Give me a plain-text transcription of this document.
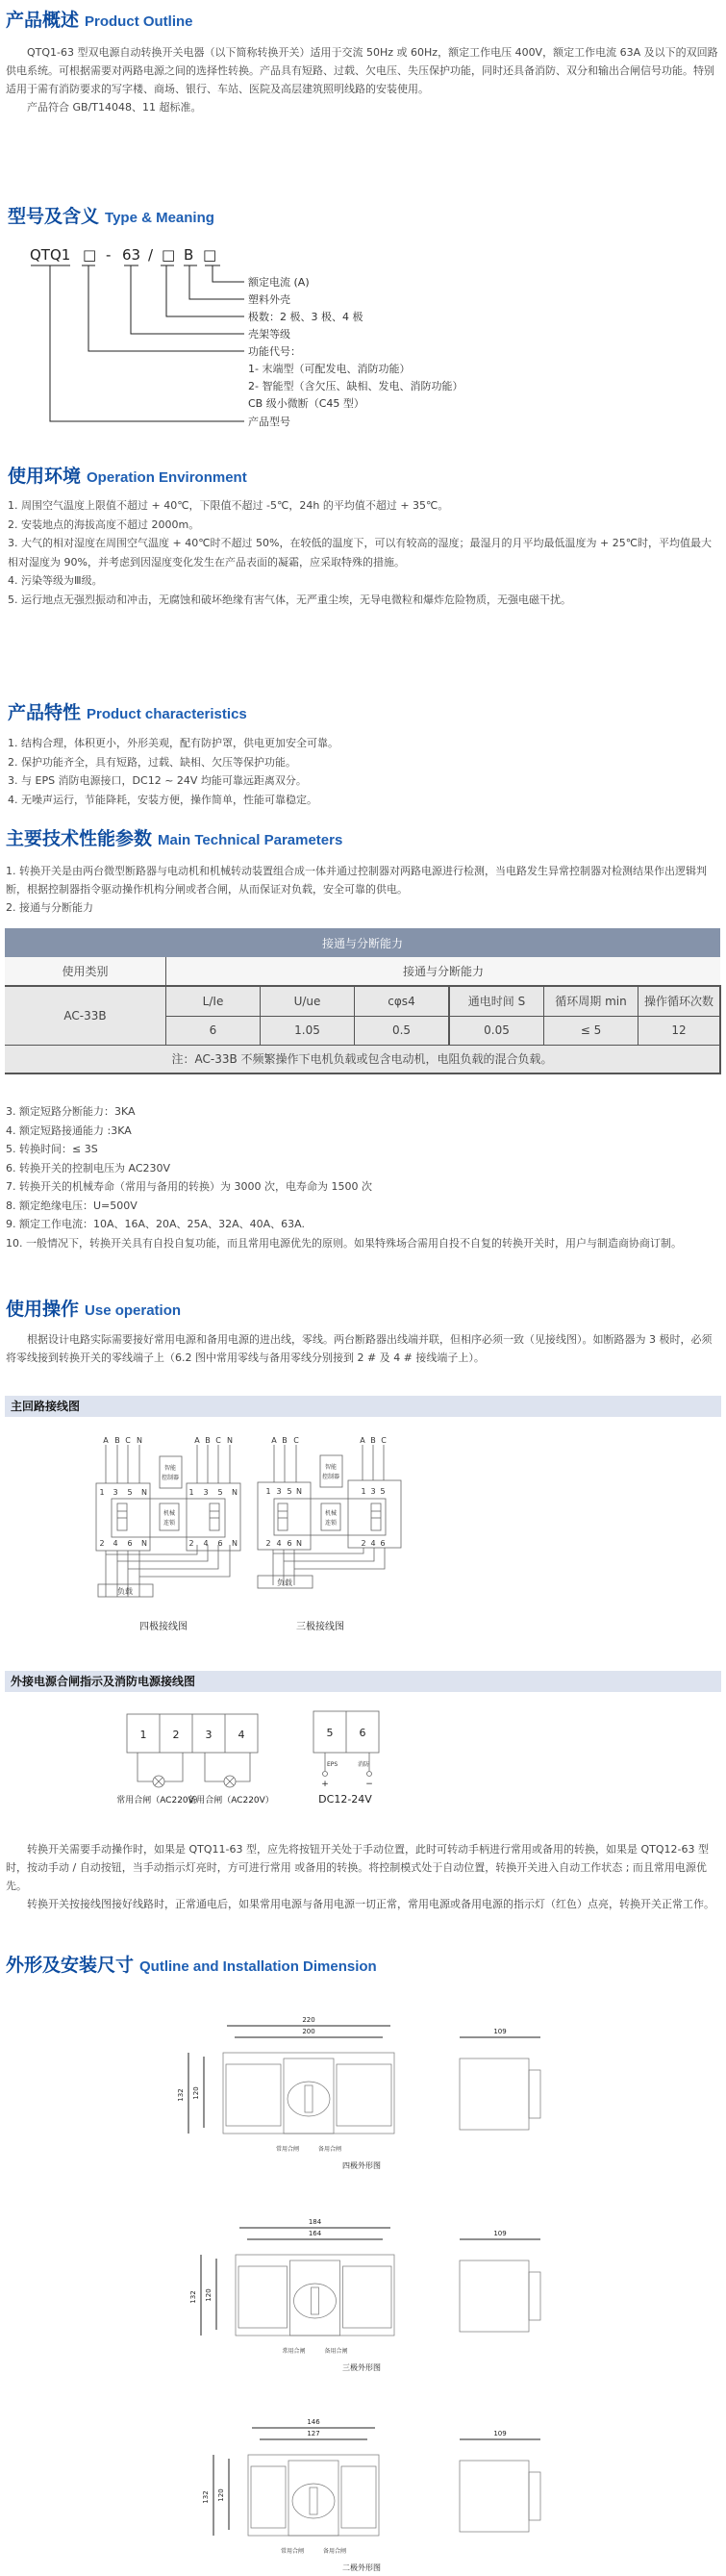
产品概述 Product Outline

QTQ1-63 型双电源自动转换开关电器（以下简称转换开关）适用于交流 50Hz 或 60Hz，额定工作电压 400V，额定工作电流 63A 及以下的双回路供电系统。可根据需要对两路电源之间的选择性转换。产品具有短路、过载、欠电压、失压保护功能，同时还具备消防、双分和输出合闸信号功能。特别适用于需有消防要求的写字楼、商场、银行、车站、医院及高层建筑照明线路的安装使用。

产品符合 GB/T14048、11 超标准。

型号及含义 Type & Meaning
QTQ1 □ - 63 / □ B □
额定电流 (A)
塑料外壳
极数：2 极、3 极、4 极
壳架等级
功能代号：
1- 末端型（可配发电、消防功能）
2- 智能型（含欠压、缺相、发电、消防功能）
CB 级小微断（C45 型）
产品型号
使用环境 Operation Environment

1. 周围空气温度上限值不超过 + 40℃，下限值不超过 -5℃，24h 的平均值不超过 + 35℃。

2. 安装地点的海拔高度不超过 2000m。

3. 大气的相对湿度在周围空气温度 + 40℃时不超过 50%，在较低的温度下，可以有较高的湿度；最湿月的月平均最低温度为 + 25℃时，平均值最大相对湿度为 90%，并考虑到因湿度变化发生在产品表面的凝霜，应采取特殊的措施。

4. 污染等级为Ⅲ级。

5. 运行地点无强烈振动和冲击，无腐蚀和破坏绝缘有害气体，无严重尘埃，无导电微粒和爆炸危险物质，无强电磁干扰。

产品特性 Product characteristics

1. 结构合理，体积更小，外形美观，配有防护罩，供电更加安全可靠。

2. 保护功能齐全，具有短路，过载、缺相、欠压等保护功能。

3. 与 EPS 消防电源接口，DC12 ~ 24V 均能可靠远距离双分。

4. 无噪声运行，节能降耗，安装方便，操作简单，性能可靠稳定。

主要技术性能参数 Main Technical Parameters

1. 转换开关是由两台微型断路器与电动机和机械转动装置组合成一体并通过控制器对两路电源进行检测，当电路发生异常控制器对检测结果作出逻辑判断，根据控制器指令驱动操作机构分闸或者合闸，从而保证对负载，安全可靠的供电。

2. 接通与分断能力

接通与分断能力						
使用类别	接通与分断能力					
AC-33B	L/Ie	U/ue	cφs4	通电时间 S	循环周期 min	操作循环次数
	6	1.05	0.5	0.05	≤ 5	12
注：AC-33B 不频繁操作下电机负载或包含电动机，电阻负载的混合负载。						

3. 额定短路分断能力：3KA

4. 额定短路接通能力 :3KA

5. 转换时间：≤ 3S

6. 转换开关的控制电压为 AC230V

7. 转换开关的机械寿命（常用与备用的转换）为 3000 次，电寿命为 1500 次

8. 额定绝缘电压：U=500V

9. 额定工作电流：10A、16A、20A、25A、32A、40A、63A.

10. 一般情况下，转换开关具有自投自复功能，而且常用电源优先的原则。如果特殊场合需用自投不自复的转换开关时，用户与制造商协商订制。

使用操作 Use operation

根据设计电路实际需要接好常用电源和备用电源的进出线，零线。两台断路器出线端并联，但相序必须一致（见接线图）。如断路器为 3 极时，必须将零线接到转换开关的零线端子上（6.2 图中常用零线与备用零线分别接到 2 # 及 4 # 接线端子上）。

主回路接线图
A B C N	A B C N
1 3 5 N	1 3 5 N
2 4 6 N	2 4 6 N
A B C	A B C
1 3 5 N
2 4 6 N
1 3 5
2 4 6
智能
控制器
机械
连锁
智能
控制器
机械
连锁
负载
负载
四极接线图	三极接线图
外接电源合闸指示及消防电源接线图
1 2 3 4	5 6
EPS	消防
+	−
常用合闸（AC220V）
备用合闸（AC220V）	DC12-24V

转换开关需要手动操作时，如果是 QTQ11-63 型，应先将按钮开关处于手动位置，此时可转动手柄进行常用或备用的转换，如果是 QTQ12-63 型时，按动手动 / 自动按钮，当手动指示灯亮时，方可进行常用 或备用的转换。将控制模式处于自动位置，转换开关进入自动工作状态 ; 而且常用电源优先。

转换开关按接线图接好线路时，正常通电后，如果常用电源与备用电源一切正常，常用电源或备用电源的指示灯（红色）点亮，转换开关正常工作。

外形及安装尺寸 Qutline and Installation Dimension
220
200
132 120
109
常用合闸	备用合闸
四极外形图
184
164
132 120
109
常用合闸	备用合闸
三极外形图
146
127
132 120
109
常用合闸	备用合闸
二极外形图
